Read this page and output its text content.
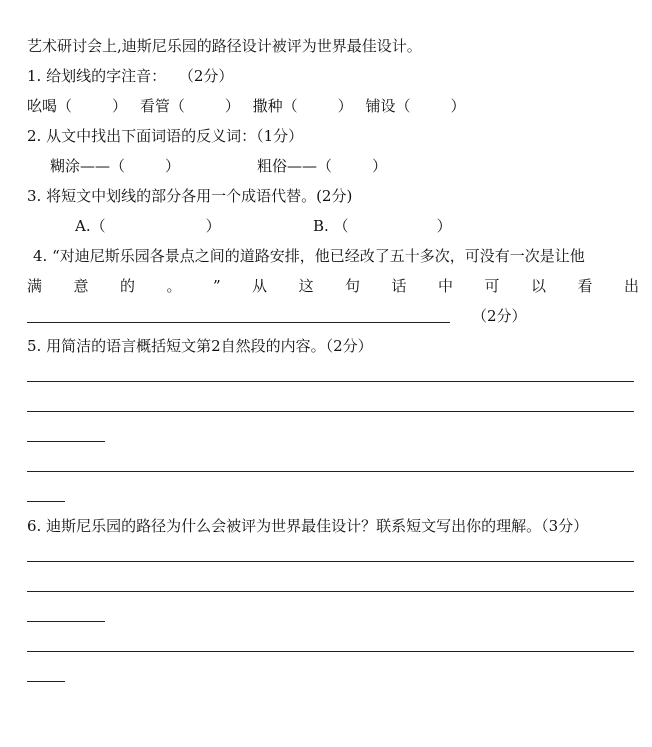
艺术研讨会上,迪斯尼乐园的路径设计被评为世界最佳设计。
1. 给划线的字注音： （2分）
吆喝（	） 看管（	） 撒种（	） 铺设（	）
2. 从文中找出下面词语的反义词：（1分）
糊涂——（	）	粗俗——（	）
3. 将短文中划线的部分各用一个成语代替。(2分)
A.（	）	B. （	）
4. “对迪尼斯乐园各景点之间的道路安排，他已经改了五十多次，可没有一次是让他
满 意 的 。 ” 从 这 句 话 中 可 以 看 出
（2分）
5. 用简洁的语言概括短文第2自然段的内容。（2分）
6. 迪斯尼乐园的路径为什么会被评为世界最佳设计？联系短文写出你的理解。（3分）
